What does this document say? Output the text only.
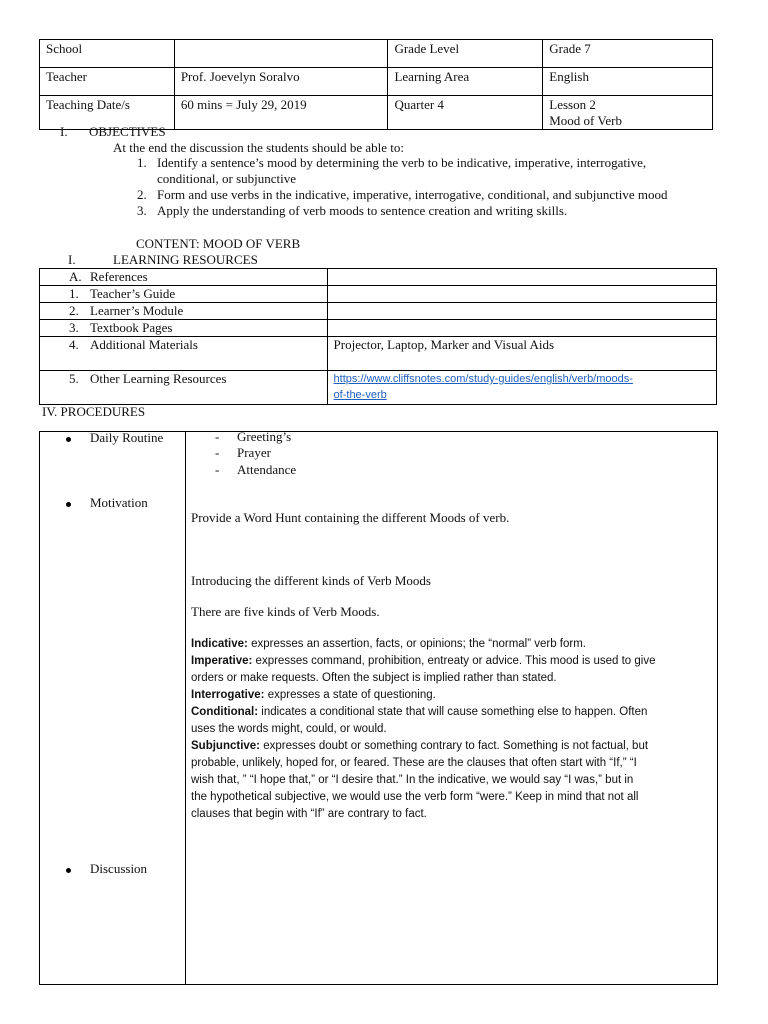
School		Grade Level	Grade 7
Teacher	Prof. Joevelyn Soralvo	Learning Area	English
Teaching Date/s	60 mins = July 29, 2019	Quarter 4	Lesson 2
Mood of Verb
I. OBJECTIVES
At the end the discussion the students should be able to:
1. Identify a sentence’s mood by determining the verb to be indicative, imperative, interrogative,
conditional, or subjunctive
2. Form and use verbs in the indicative, imperative, interrogative, conditional, and subjunctive mood
3. Apply the understanding of verb moods to sentence creation and writing skills.
CONTENT: MOOD OF VERB
I.	LEARNING RESOURCES
A. References	

1. Teacher’s Guide	

2. Learner’s Module	

3. Textbook Pages	

4. Additional Materials	Projector, Laptop, Marker and Visual Aids

5. Other Learning Resources	https://www.cliffsnotes.com/study-guides/english/verb/moods-
of-the-verb
IV. PROCEDURES
Daily Routine	- Greeting’s
- Prayer
- Attendance
Motivation
Provide a Word Hunt containing the different Moods of verb.
Introducing the different kinds of Verb Moods
There are five kinds of Verb Moods.
Indicative: expresses an assertion, facts, or opinions; the “normal” verb form.
Imperative: expresses command, prohibition, entreaty or advice. This mood is used to give
orders or make requests. Often the subject is implied rather than stated.
Interrogative: expresses a state of questioning.
Conditional: indicates a conditional state that will cause something else to happen. Often
uses the words might, could, or would.
Subjunctive: expresses doubt or something contrary to fact. Something is not factual, but
probable, unlikely, hoped for, or feared. These are the clauses that often start with “If,” “I
wish that, ” “I hope that,” or “I desire that.” In the indicative, we would say “I was,” but in
the hypothetical subjective, we would use the verb form “were.” Keep in mind that not all
clauses that begin with “If” are contrary to fact.
Discussion
